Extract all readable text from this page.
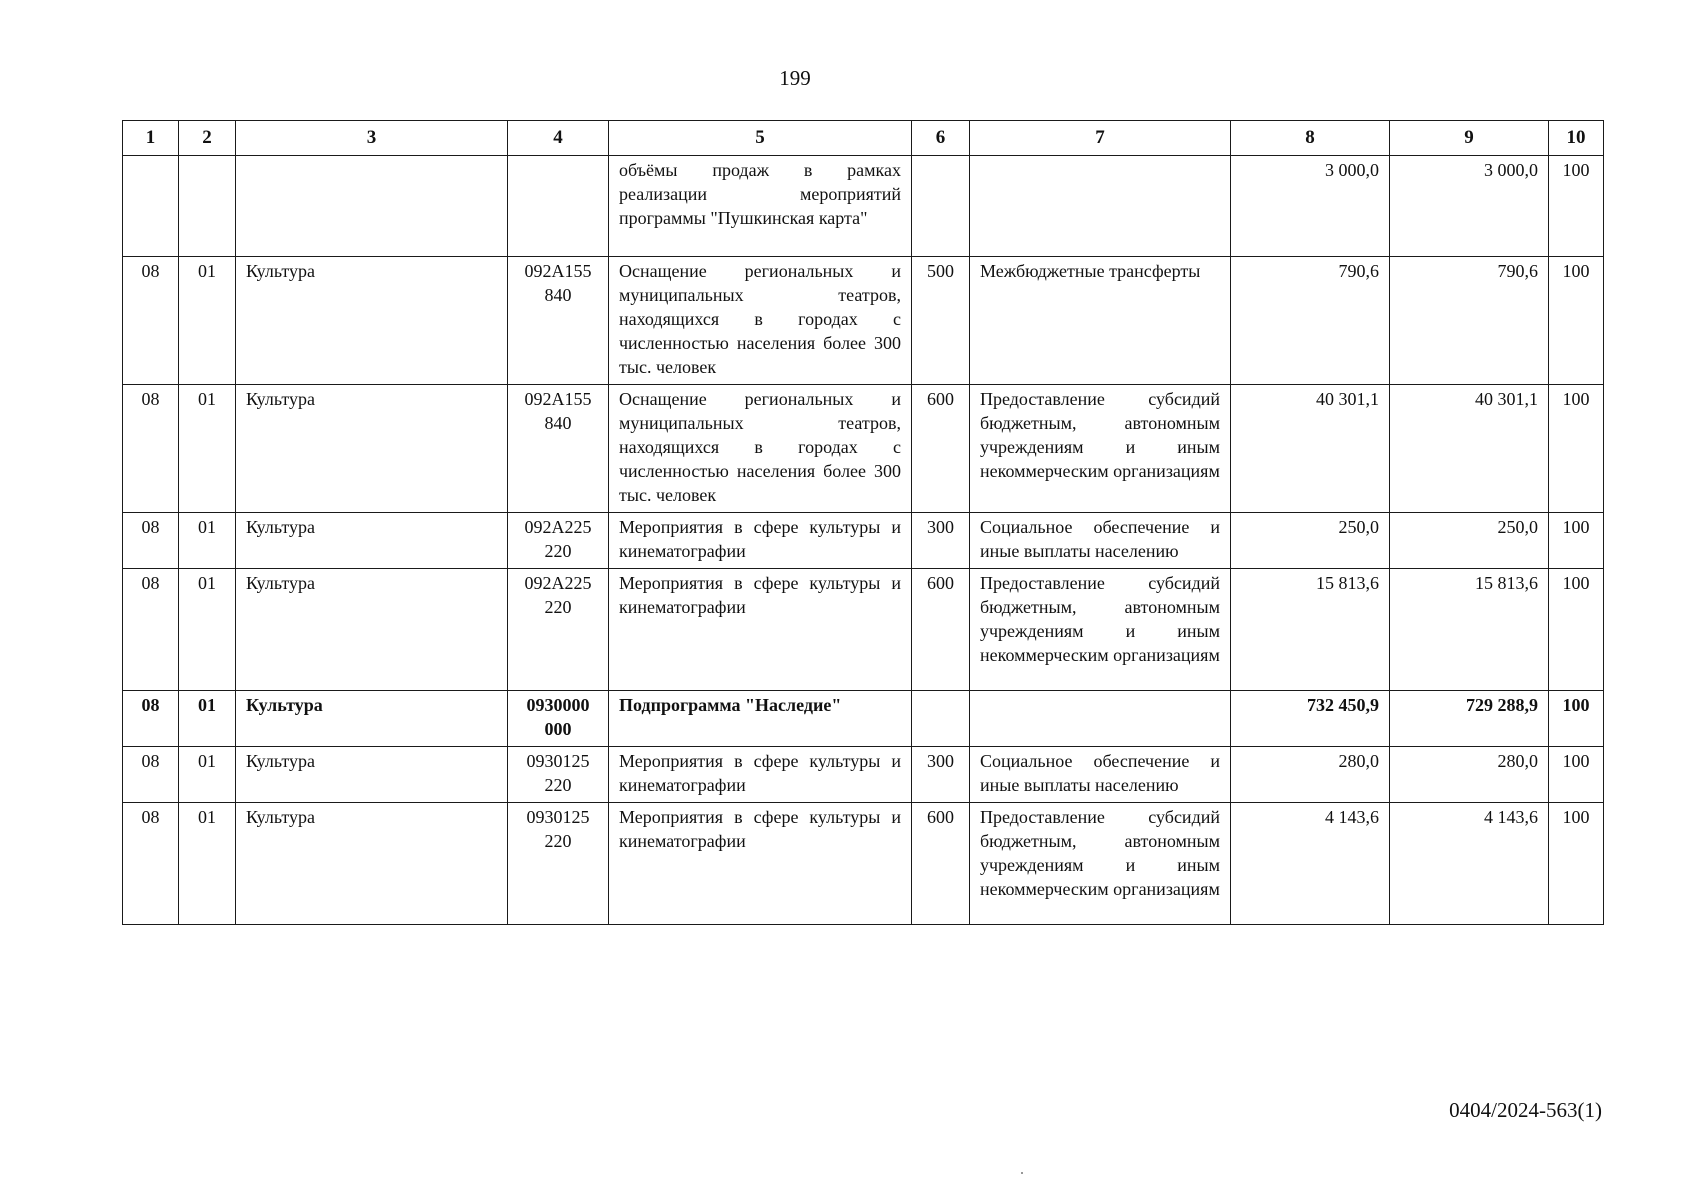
199
1	2	3	4	5	6	7	8	9	10
				объёмы продаж в рамках реализации мероприятий программы "Пушкинская карта"			3 000,0	3 000,0	100
08	01	Культура	092А155 840	Оснащение региональных и муниципальных театров, находящихся в городах с численностью населения более 300 тыс. человек	500	Межбюджетные трансферты	790,6	790,6	100
08	01	Культура	092А155 840	Оснащение региональных и муниципальных театров, находящихся в городах с численностью населения более 300 тыс. человек	600	Предоставление субсидий бюджетным, автономным учреждениям и иным некоммерческим организациям	40 301,1	40 301,1	100
08	01	Культура	092А225 220	Мероприятия в сфере культуры и кинематографии	300	Социальное обеспечение и иные выплаты населению	250,0	250,0	100
08	01	Культура	092А225 220	Мероприятия в сфере культуры и кинематографии	600	Предоставление субсидий бюджетным, автономным учреждениям и иным некоммерческим организациям	15 813,6	15 813,6	100
08	01	Культура	0930000 000	Подпрограмма "Наследие"			732 450,9	729 288,9	100
08	01	Культура	0930125 220	Мероприятия в сфере культуры и кинематографии	300	Социальное обеспечение и иные выплаты населению	280,0	280,0	100
08	01	Культура	0930125 220	Мероприятия в сфере культуры и кинематографии	600	Предоставление субсидий бюджетным, автономным учреждениям и иным некоммерческим организациям	4 143,6	4 143,6	100
0404/2024-563(1)
